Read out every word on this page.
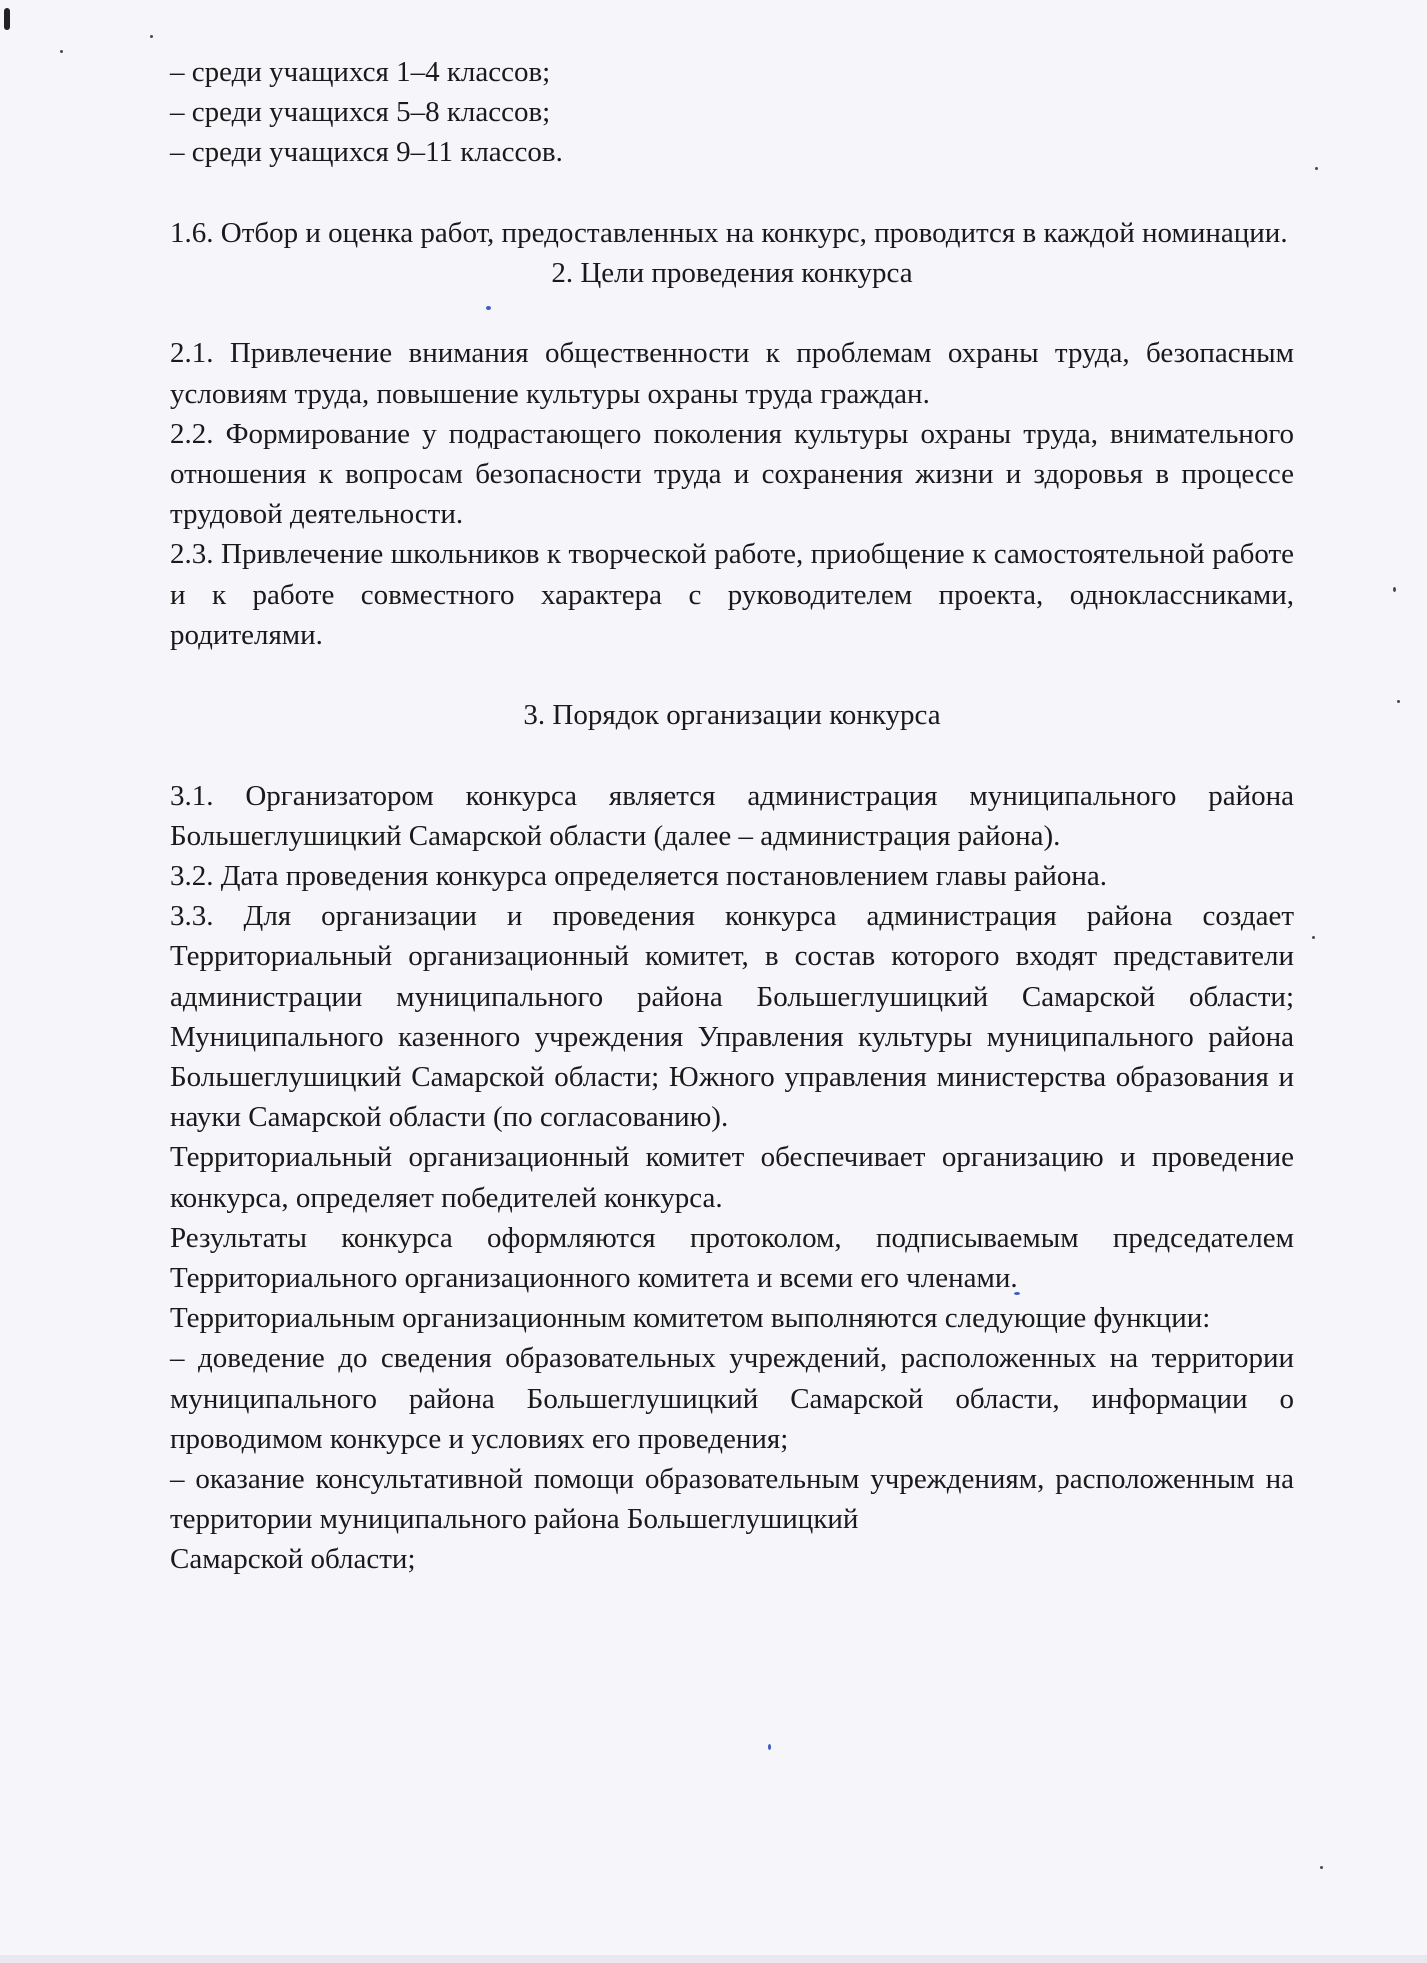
– среди учащихся 1–4 классов;
– среди учащихся 5–8 классов;
– среди учащихся 9–11 классов.

1.6. Отбор и оценка работ, предоставленных на конкурс, проводится в каждой номинации.

2. Цели проведения конкурса

2.1. Привлечение внимания общественности к проблемам охраны труда, безопасным условиям труда, повышение культуры охраны труда граждан.

2.2. Формирование у подрастающего поколения культуры охраны труда, внимательного отношения к вопросам безопасности труда и сохранения жизни и здоровья в процессе трудовой деятельности.

2.3. Привлечение школьников к творческой работе, приобщение к самостоятельной работе и к работе совместного характера с руководителем проекта, одноклассниками, родителями.

3. Порядок организации конкурса

3.1. Организатором конкурса является администрация муниципального района Большеглушицкий Самарской области (далее – администрация района).

3.2. Дата проведения конкурса определяется постановлением главы района.

3.3. Для организации и проведения конкурса администрация района создает Территориальный организационный комитет, в состав которого входят представители администрации муниципального района Большеглушицкий Самарской области; Муниципального казенного учреждения Управления культуры муниципального района Большеглушицкий Самарской области; Южного управления министерства образования и науки Самарской области (по согласованию).

Территориальный организационный комитет обеспечивает организацию и проведение конкурса, определяет победителей конкурса.

Результаты конкурса оформляются протоколом, подписываемым председателем Территориального организационного комитета и всеми его членами.

Территориальным организационным комитетом выполняются следующие функции:

– доведение до сведения образовательных учреждений, расположенных на территории муниципального района Большеглушицкий Самарской области, информации о проводимом конкурсе и условиях его проведения;

– оказание консультативной помощи образовательным учреждениям, расположенным на территории муниципального района Большеглушицкий

Самарской области;
